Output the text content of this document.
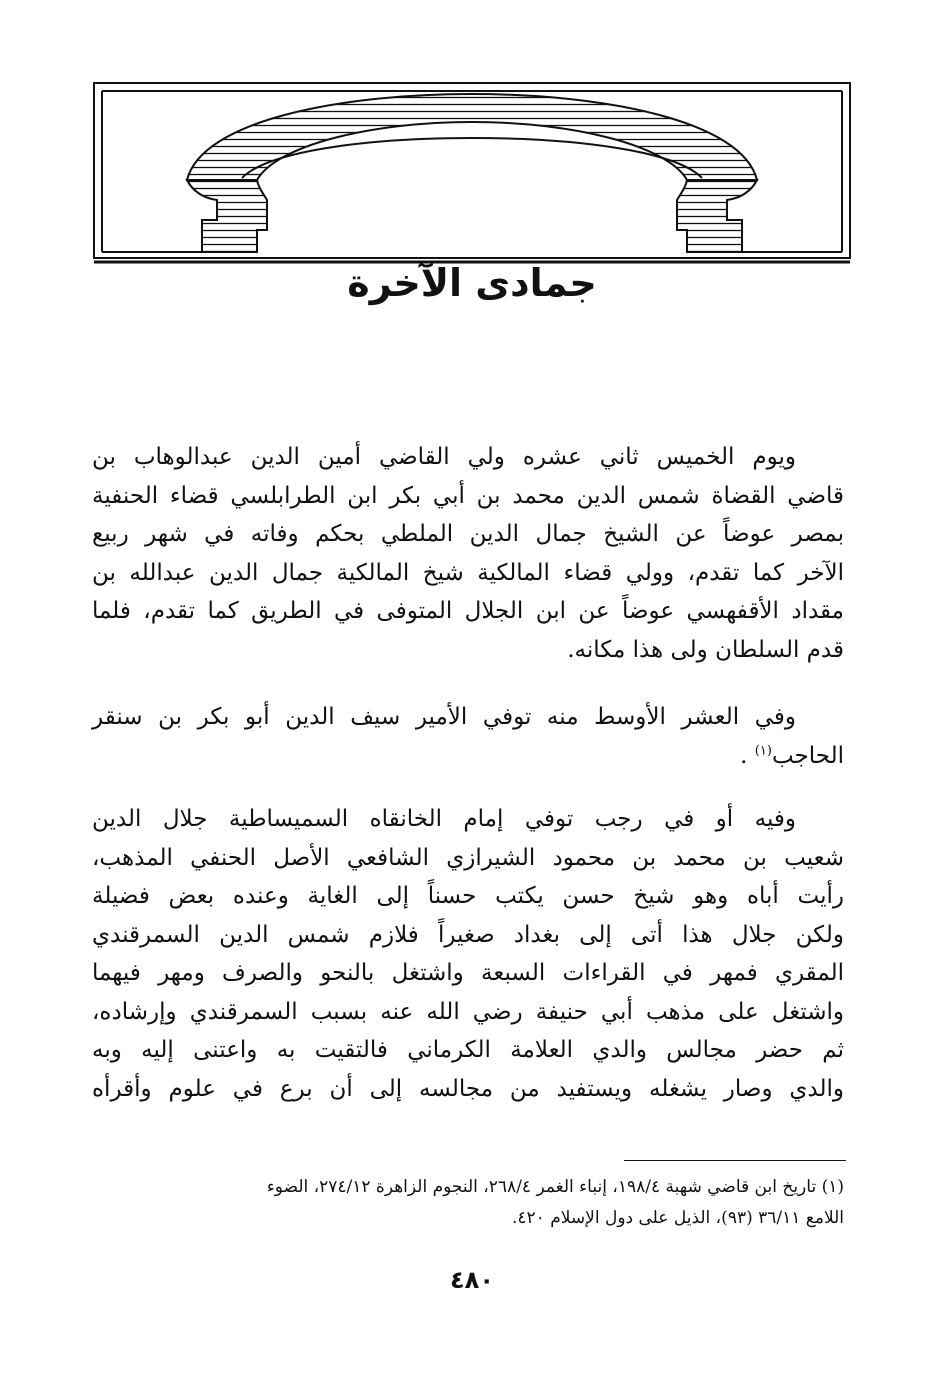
جمادى الآخرة

ويوم الخميس ثاني عشره ولي القاضي أمين الدين عبدالوهاب بن
قاضي القضاة شمس الدين محمد بن أبي بكر ابن الطرابلسي قضاء الحنفية
بمصر عوضاً عن الشيخ جمال الدين الملطي بحكم وفاته في شهر ربيع
الآخر كما تقدم، وولي قضاء المالكية شيخ المالكية جمال الدين عبدالله بن
مقداد الأقفهسي عوضاً عن ابن الجلال المتوفى في الطريق كما تقدم، فلما
قدم السلطان ولى هذا مكانه.

وفي العشر الأوسط منه توفي الأمير سيف الدين أبو بكر بن سنقر
الحاجب$^{(١)}$ .

وفيه أو في رجب توفي إمام الخانقاه السميساطية جلال الدين
شعيب بن محمد بن محمود الشيرازي الشافعي الأصل الحنفي المذهب،
رأيت أباه وهو شيخ حسن يكتب حسناً إلى الغاية وعنده بعض فضيلة
ولكن جلال هذا أتى إلى بغداد صغيراً فلازم شمس الدين السمرقندي
المقري فمهر في القراءات السبعة واشتغل بالنحو والصرف ومهر فيهما
واشتغل على مذهب أبي حنيفة رضي الله عنه بسبب السمرقندي وإرشاده،
ثم حضر مجالس والدي العلامة الكرماني فالتقيت به واعتنى إليه وبه
والدي وصار يشغله ويستفيد من مجالسه إلى أن برع في علوم وأقرأه

(١) تاريخ ابن قاضي شهبة ١٩٨/٤، إنباء الغمر ٢٦٨/٤، النجوم الزاهرة ٢٧٤/١٢، الضوء
اللامع ٣٦/١١ (٩٣)، الذيل على دول الإسلام ٤٢٠.
٤٨٠
